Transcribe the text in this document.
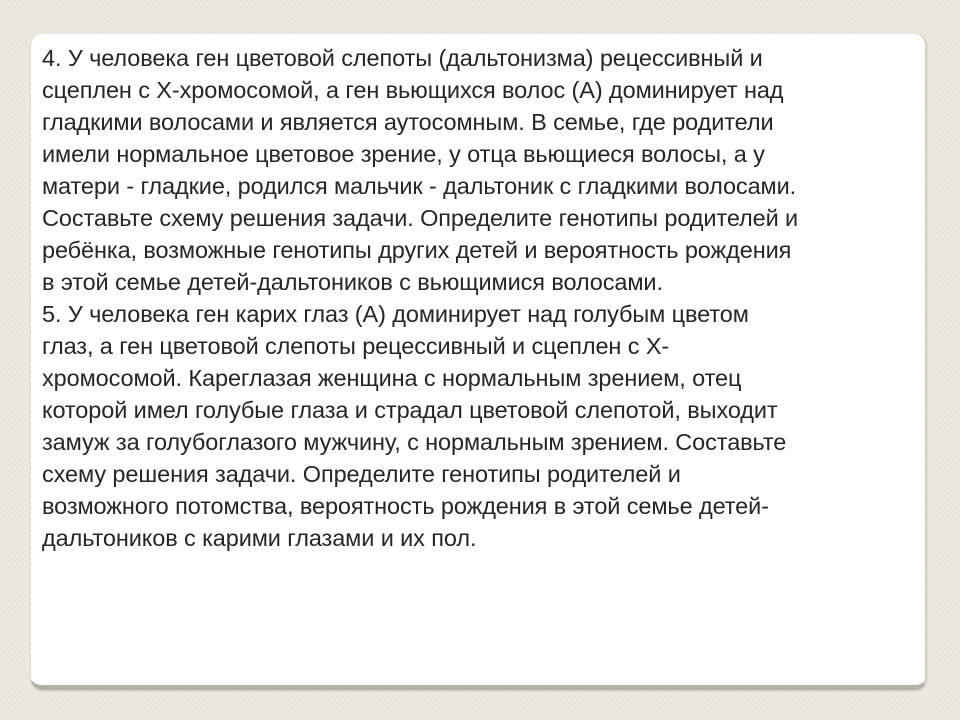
4. У человека ген цветовой слепоты (дальтонизма) рецессивный и
сцеплен с Х-хромосомой, а ген вьющихся волос (А) доминирует над
гладкими волосами и является аутосомным. В семье, где родители
имели нормальное цветовое зрение, у отца вьющиеся волосы, а у
матери - гладкие, родился мальчик - дальтоник с гладкими волосами.
Составьте схему решения задачи. Определите генотипы родителей и
ребёнка, возможные генотипы других детей и вероятность рождения
в этой семье детей-дальтоников с вьющимися волосами.
5. У человека ген карих глаз (А) доминирует над голубым цветом
глаз, а ген цветовой слепоты рецессивный и сцеплен с Х-
хромосомой. Кареглазая женщина с нормальным зрением, отец
которой имел голубые глаза и страдал цветовой слепотой, выходит
замуж за голубоглазого мужчину, с нормальным зрением. Составьте
схему решения задачи. Определите генотипы родителей и
возможного потомства, вероятность рождения в этой семье детей-
дальтоников с карими глазами и их пол.
